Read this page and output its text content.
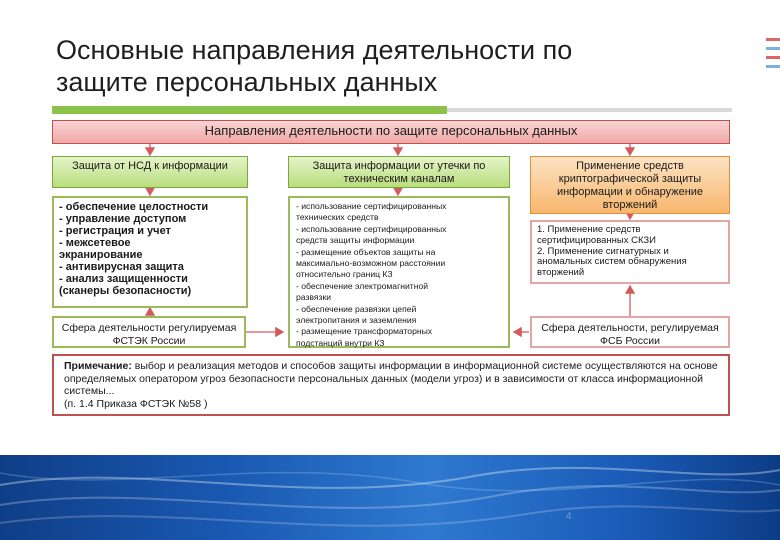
Основные направления деятельности по
защите персональных данных
Направления деятельности по защите персональных данных
Защита от НСД к информации	Защита информации от утечки по техническим каналам
Применение средств криптографической защиты информации и обнаружение вторжений
- обеспечение целостности
- управление доступом
- регистрация и учет
- межсетевое
экранирование
- антивирусная защита
- анализ защищенности
(сканеры безопасности)
- использование сертифицированных
технических средств
- использование сертифицированных
средств защиты информации
- размещение объектов защиты на
максимально-возможном расстоянии
относительно границ КЗ
- обеспечение электромагнитной
развязки
- обеспечение развязки цепей
электропитания и заземления
- размещение трансформаторных
подстанций внутри КЗ
1. Применение средств
сертифицированных СКЗИ
2. Применение сигнатурных и
аномальных систем обнаружения
вторжений
Сфера деятельности регулируемая ФСТЭК России
Сфера деятельности, регулируемая ФСБ России
Примечание: выбор и реализация методов и способов защиты информации в информационной системе осуществляются на основе определяемых оператором угроз безопасности персональных данных (модели угроз) и в зависимости от класса информационной системы...
(п. 1.4 Приказа ФСТЭК №58 )
4
